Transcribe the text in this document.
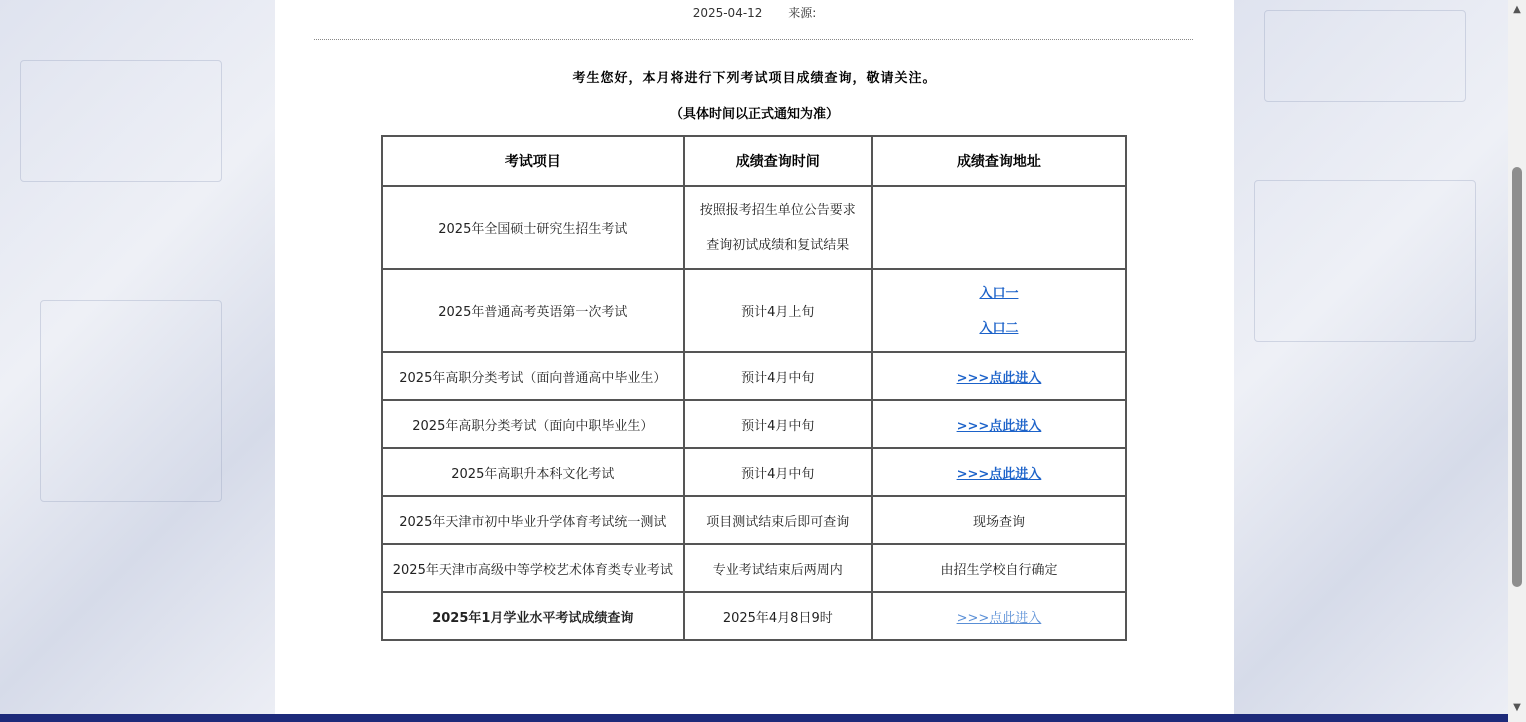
2025-04-12 来源:
考生您好，本月将进行下列考试项目成绩查询，敬请关注。
（具体时间以正式通知为准）
考试项目	成绩查询时间	成绩查询地址
2025年全国硕士研究生招生考试	按照报考招生单位公告要求
查询初试成绩和复试结果	

2025年普通高考英语第一次考试	预计4月上旬	入口一
入口二

2025年高职分类考试（面向普通高中毕业生）	预计4月中旬	>>>点此进入
2025年高职分类考试（面向中职毕业生）	预计4月中旬	>>>点此进入
2025年高职升本科文化考试	预计4月中旬	>>>点此进入
2025年天津市初中毕业升学体育考试统一测试	项目测试结束后即可查询	现场查询
2025年天津市高级中等学校艺术体育类专业考试	专业考试结束后两周内	由招生学校自行确定
2025年1月学业水平考试成绩查询	2025年4月8日9时	>>>点此进入
▲
▼
